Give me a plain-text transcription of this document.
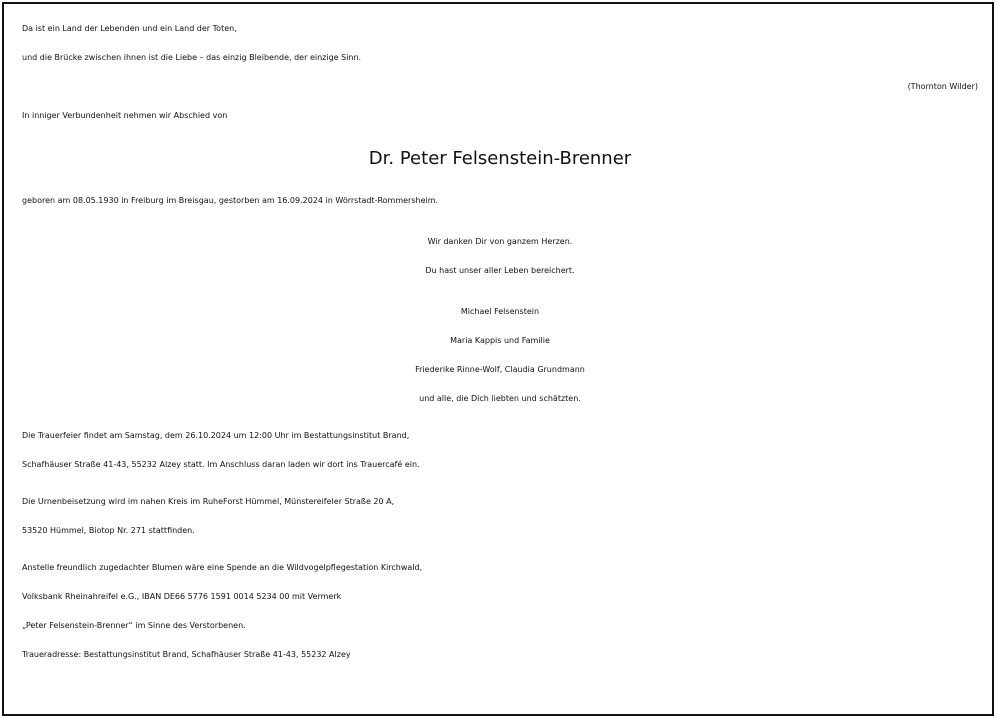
Da ist ein Land der Lebenden und ein Land der Toten,
und die Brücke zwischen ihnen ist die Liebe – das einzig Bleibende, der einzige Sinn.
(Thornton Wilder)
In inniger Verbundenheit nehmen wir Abschied von
Dr. Peter Felsenstein-Brenner
geboren am 08.05.1930 in Freiburg im Breisgau, gestorben am 16.09.2024 in Wörrstadt-Rommersheim.
Wir danken Dir von ganzem Herzen.
Du hast unser aller Leben bereichert.
Michael Felsenstein
Maria Kappis und Familie
Friederike Rinne-Wolf, Claudia Grundmann
und alle, die Dich liebten und schätzten.
Die Trauerfeier findet am Samstag, dem 26.10.2024 um 12:00 Uhr im Bestattungsinstitut Brand,
Schafhäuser Straße 41-43, 55232 Alzey statt. Im Anschluss daran laden wir dort ins Trauercafé ein.
Die Urnenbeisetzung wird im nahen Kreis im RuheForst Hümmel, Münstereifeler Straße 20 A,
53520 Hümmel, Biotop Nr. 271 stattfinden.
Anstelle freundlich zugedachter Blumen wäre eine Spende an die Wildvogelpflegestation Kirchwald,
Volksbank Rheinahreifel e.G., IBAN DE66 5776 1591 0014 5234 00 mit Vermerk
„Peter Felsenstein-Brenner“ im Sinne des Verstorbenen.
Traueradresse: Bestattungsinstitut Brand, Schafhäuser Straße 41-43, 55232 Alzey
